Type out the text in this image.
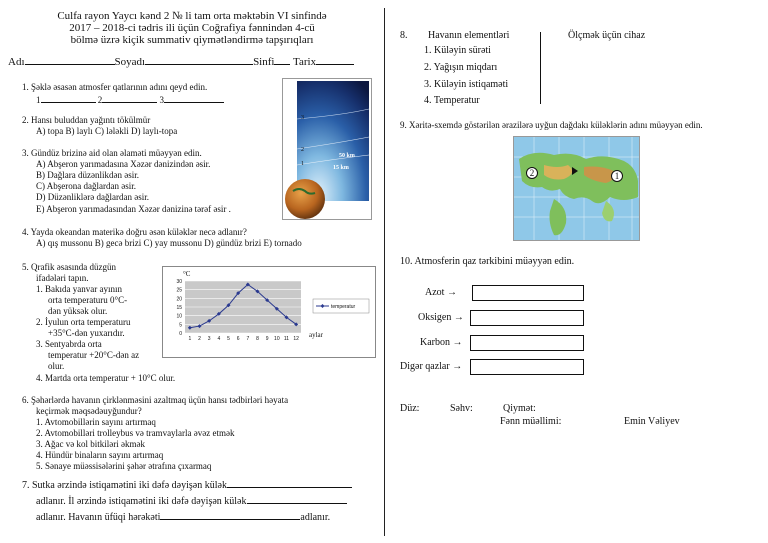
Culfa rayon Yaycı kənd 2 № li tam orta məktəbin VI sinfində
2017 – 2018-ci tədris ili üçün Coğrafiya fənnindən 4-cü
bölmə üzrə kiçik summativ qiymətləndirmə tapşırıqları
Adı	Soyadı	Sinfi Tarix
1. Şəklə əsasən atmosfer qatlarının adını qeyd edin.
1	2	3
2. Hansı buluddan yağıntı tökülmür
A) topa B) laylı C) lələkli D) laylı-topa
3. Gündüz brizinə aid olan əlaməti müəyyən edin.
A) Abşeron yarımadasına Xəzər dənizindən əsir.
B) Dağlara düzənlikdən əsir.
C) Abşerona dağlardan əsir.
D) Düzənliklərə dağlardan əsir.
E) Abşeron yarımadasından Xəzər dənizinə tərəf əsir .
3
2
1
50 km
15 km
4. Yayda okeandan materikə doğru əsən küləklər necə adlanır?
A) qış mussonu B) gecə brizi C) yay mussonu D) gündüz brizi E) tornado
5. Qrafik əsasında düzgün
ifadələri tapın.
1. Bakıda yanvar ayının
orta temperaturu 0°C-
dən yüksək olur.
2. İyulun orta temperaturu
+35°C-dən yuxarıdır.
3. Sentyabrda orta
temperatur +20°C-dən az
olur.
4. Martda orta temperatur + 10°C olur.
0
5
10
15
20
25
30
1 2 3 4 5 6 7 8 9 10 11 12
°C
aylar
temperatur
6. Şəhərlərdə havanın çirklənməsini azaltmaq üçün hansı tədbirləri həyata
keçirmək məqsədəuyğundur?
1. Avtomobillərin sayını artırmaq
2. Avtomobilləri trolleybus və tramvaylarla əvəz etmək
3. Ağac və kol bitkiləri əkmək
4. Hündür binaların sayını artırmaq
5. Sənaye müəssisələrini şəhər ətrafına çıxarmaq
7. Sutka ərzində istiqamətini iki dəfə dəyişən külək
adlanır. İl ərzində istiqamətini iki dəfə dəyişən külək
adlanır. Havanın üfüqi hərəkəti	adlanır.
8. Havanın elementləri	Ölçmək üçün cihaz
1. Küləyin sürəti
2. Yağışın miqdarı
3. Küləyin istiqaməti
4. Temperatur
9. Xəritə-sxemdə göstərilən ərazilərə uyğun dağdakı küləklərin adını müəyyən edin.
2	1
10. Atmosferin qaz tərkibini müəyyən edin.
Azot →
Oksigen →
Karbon →
Digər qazlar →
Düz:	Səhv:	Qiymət:
Fənn müəllimi:	Emin Vəliyev
